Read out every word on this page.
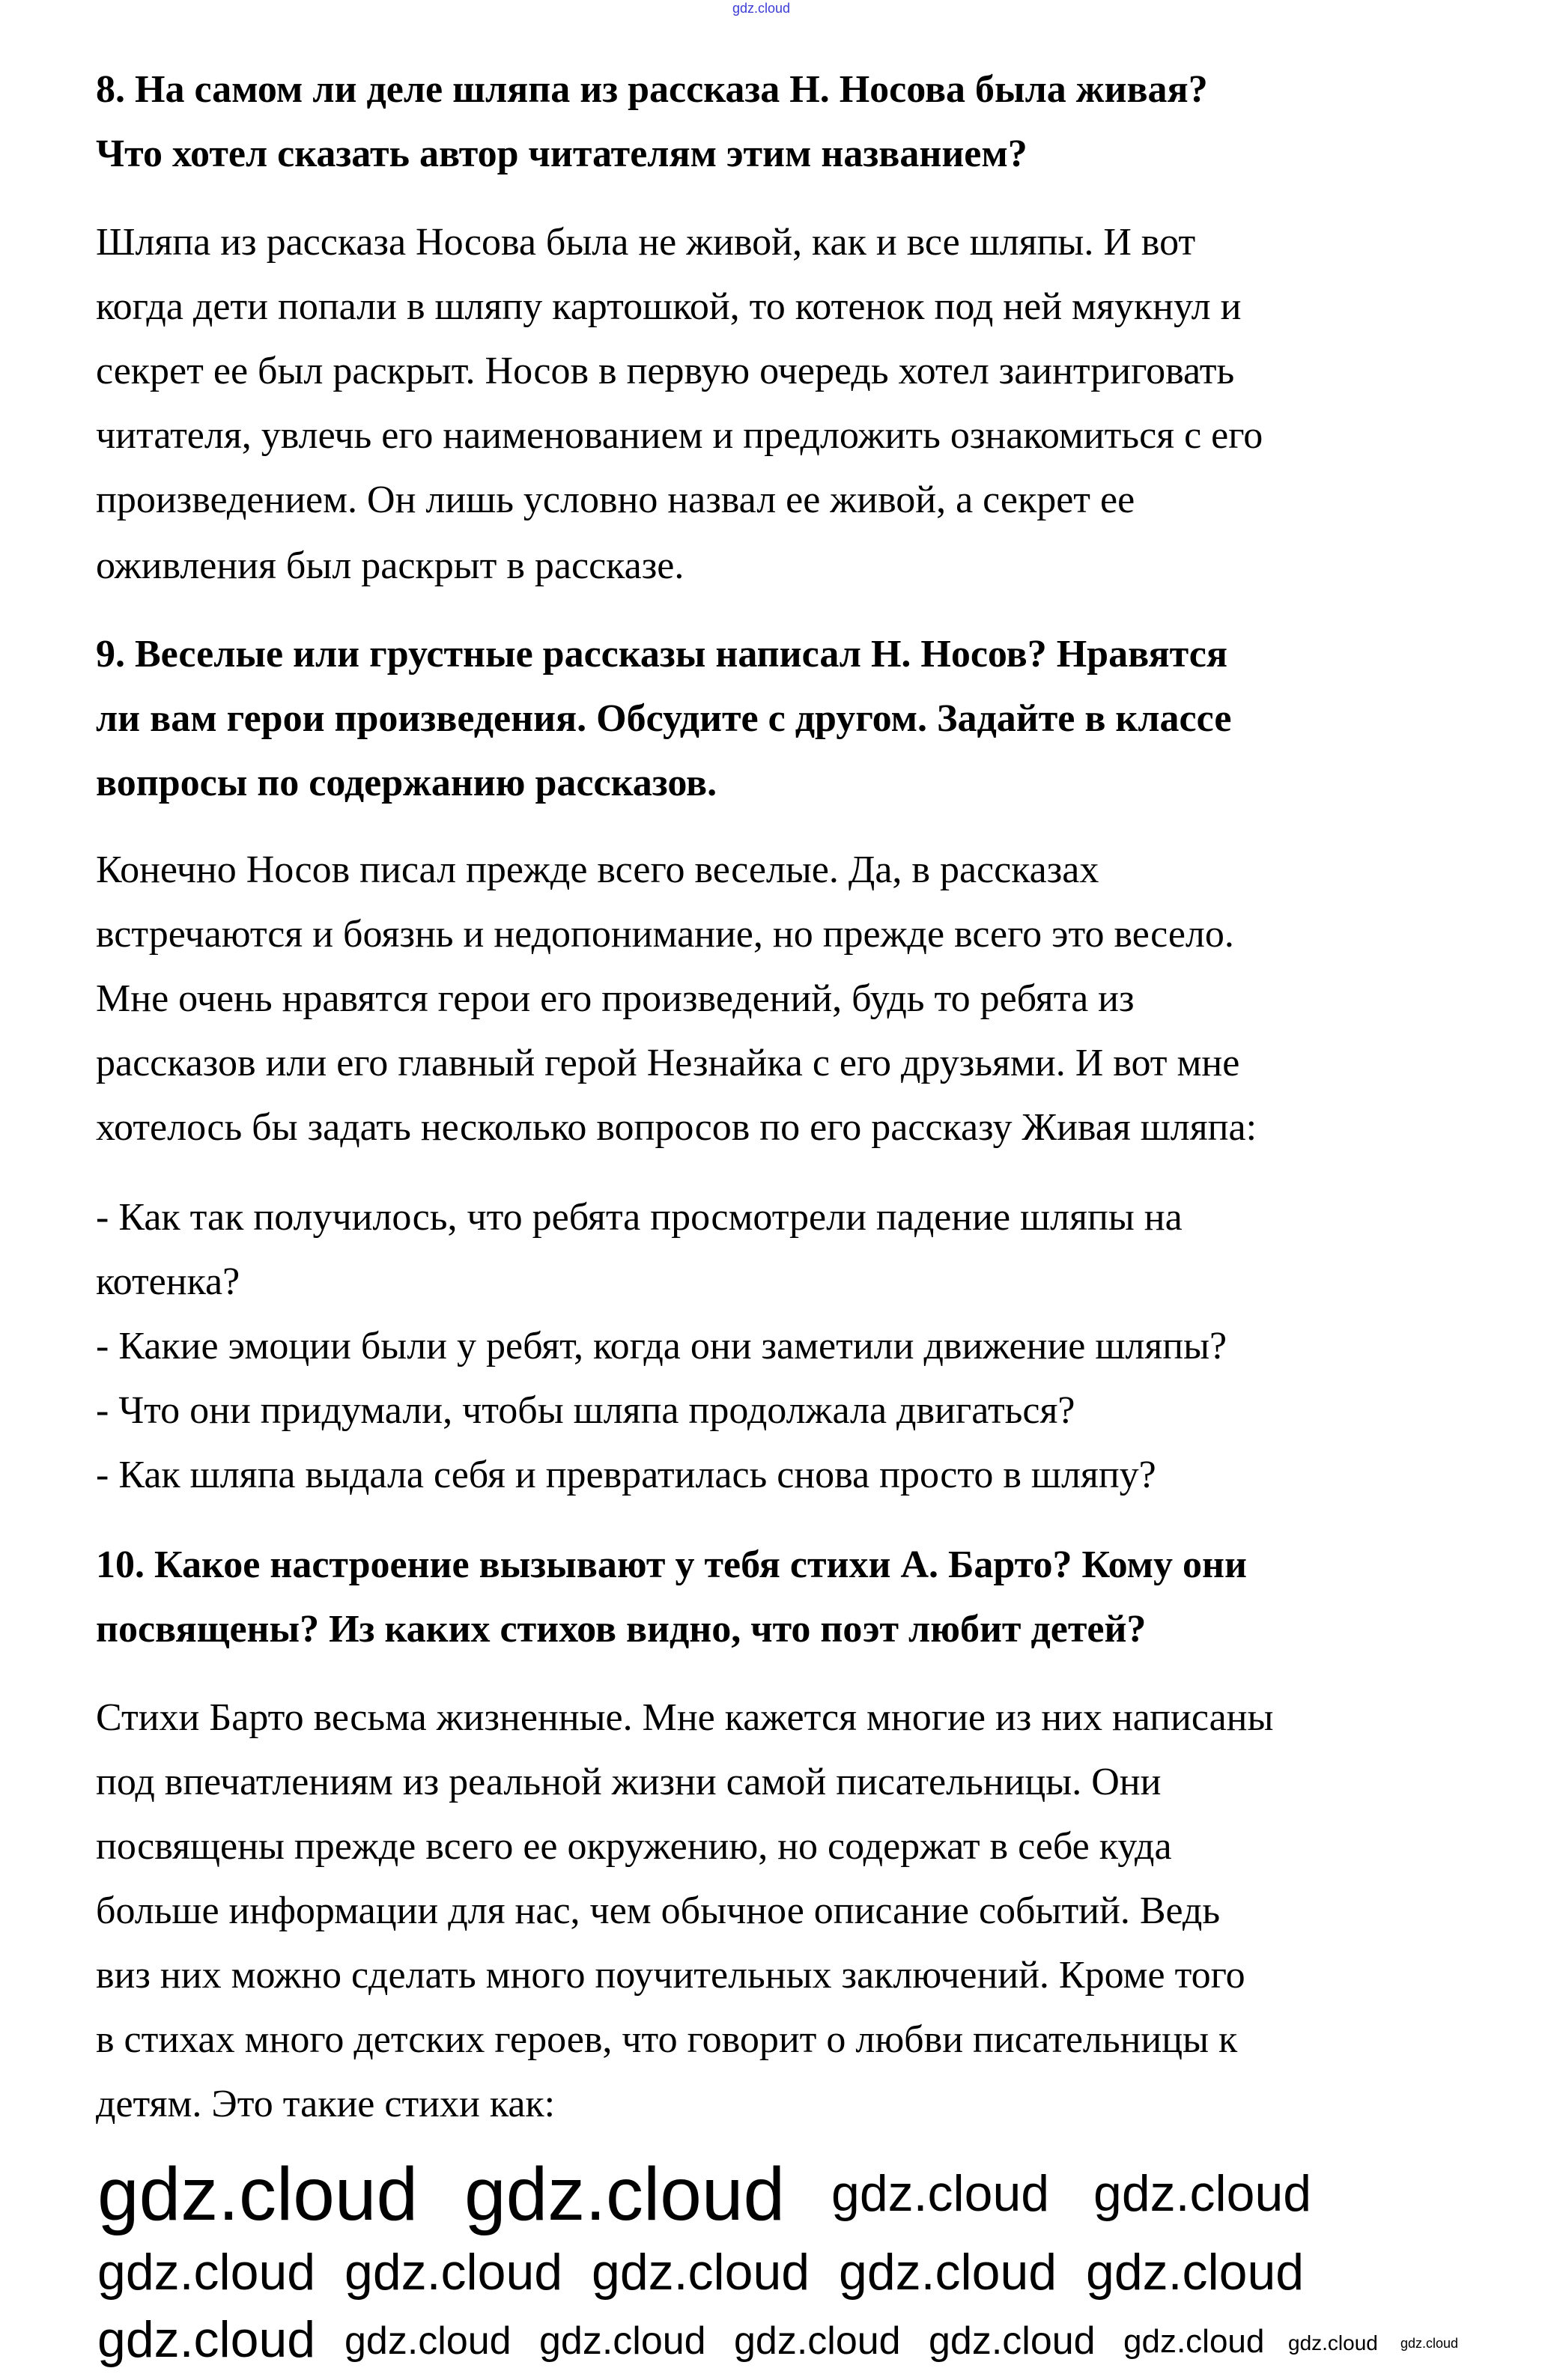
gdz.cloud
8. На самом ли деле шляпа из рассказа Н. Носова была живая?
Что хотел сказать автор читателям этим названием?
Шляпа из рассказа Носова была не живой, как и все шляпы. И вот
когда дети попали в шляпу картошкой, то котенок под ней мяукнул и
секрет ее был раскрыт. Носов в первую очередь хотел заинтриговать
читателя, увлечь его наименованием и предложить ознакомиться с его
произведением. Он лишь условно назвал ее живой, а секрет ее
оживления был раскрыт в рассказе.
9. Веселые или грустные рассказы написал Н. Носов? Нравятся
ли вам герои произведения. Обсудите с другом. Задайте в классе
вопросы по содержанию рассказов.
Конечно Носов писал прежде всего веселые. Да, в рассказах
встречаются и боязнь и недопонимание, но прежде всего это весело.
Мне очень нравятся герои его произведений, будь то ребята из
рассказов или его главный герой Незнайка с его друзьями. И вот мне
хотелось бы задать несколько вопросов по его рассказу Живая шляпа:
- Как так получилось, что ребята просмотрели падение шляпы на
котенка?
- Какие эмоции были у ребят, когда они заметили движение шляпы?
- Что они придумали, чтобы шляпа продолжала двигаться?
- Как шляпа выдала себя и превратилась снова просто в шляпу?
10. Какое настроение вызывают у тебя стихи А. Барто? Кому они
посвящены? Из каких стихов видно, что поэт любит детей?
Стихи Барто весьма жизненные. Мне кажется многие из них написаны
под впечатлениям из реальной жизни самой писательницы. Они
посвящены прежде всего ее окружению, но содержат в себе куда
больше информации для нас, чем обычное описание событий. Ведь
виз них можно сделать много поучительных заключений. Кроме того
в стихах много детских героев, что говорит о любви писательницы к
детям. Это такие стихи как:
gdz.cloud gdz.cloud gdz.cloud gdz.cloud
gdz.cloud gdz.cloud gdz.cloud gdz.cloud gdz.cloud
gdz.cloud gdz.cloud gdz.cloud gdz.cloud gdz.cloud gdz.cloud gdz.cloud gdz.cloud
